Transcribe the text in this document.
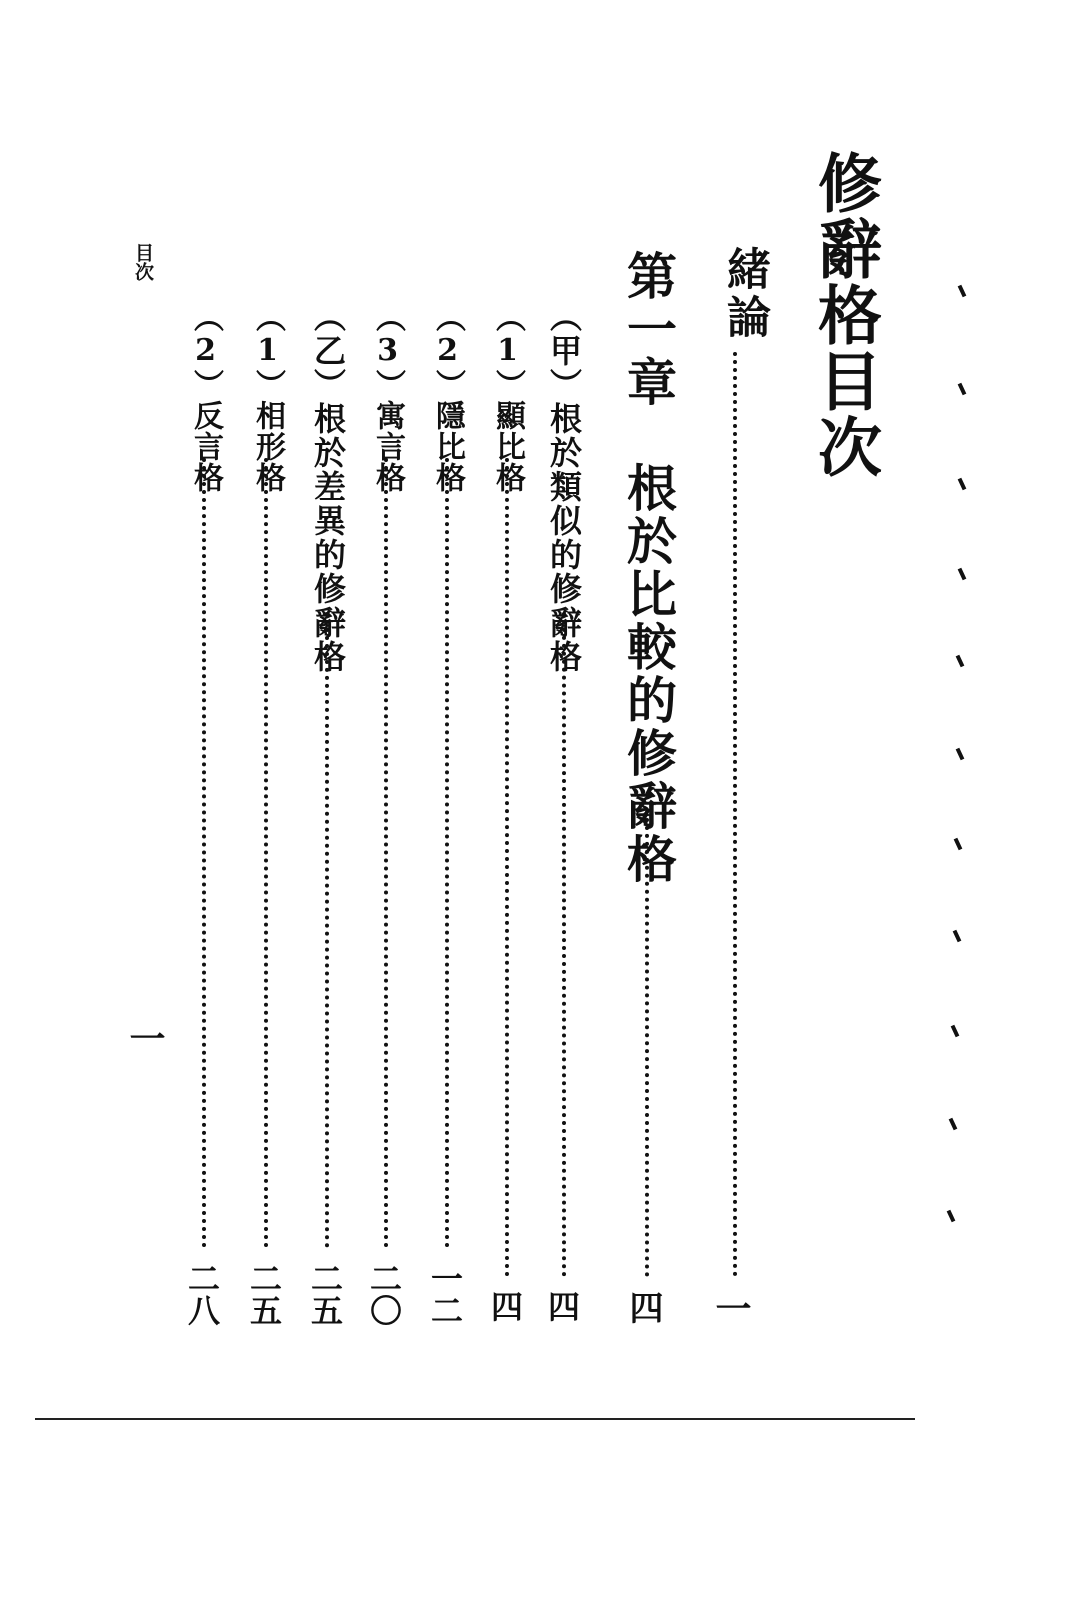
修辭格目次
緒論
一
第一章　根於比較的修辭格
四
（甲）根於類似的修辭格
四
（1）顯比格
四
（2）隱比格
一二
（3）寓言格
二〇
（乙）根於差異的修辭格
二五
（1）相形格
二五
（2）反言格
二八
目次
一
